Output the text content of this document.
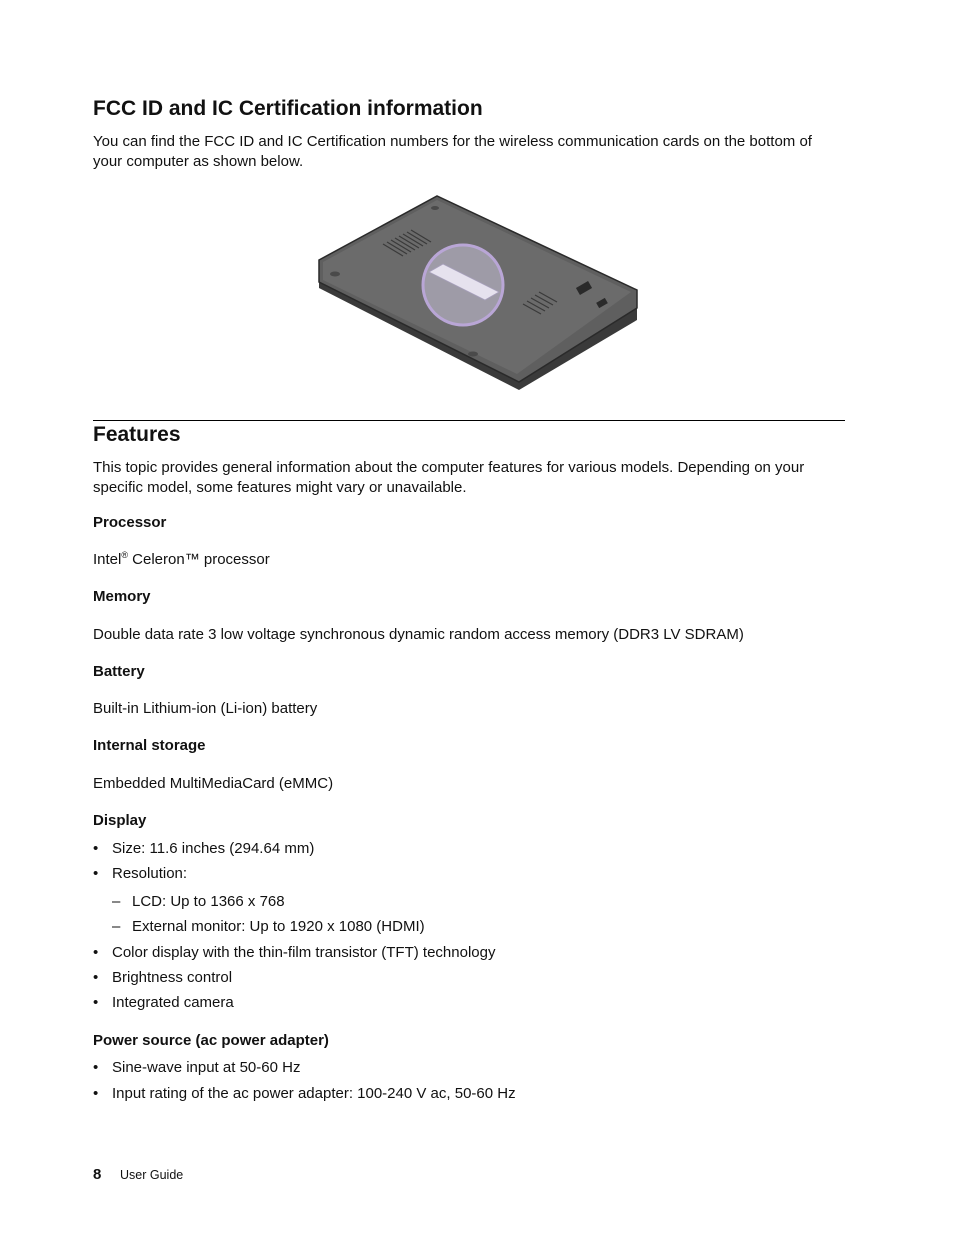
FCC ID and IC Certification information

You can find the FCC ID and IC Certification numbers for the wireless communication cards on the bottom of your computer as shown below.

Features

This topic provides general information about the computer features for various models. Depending on your specific model, some features might vary or unavailable.

Processor

Intel® Celeron™ processor

Memory

Double data rate 3 low voltage synchronous dynamic random access memory (DDR3 LV SDRAM)

Battery

Built-in Lithium-ion (Li-ion) battery

Internal storage

Embedded MultiMediaCard (eMMC)

Display

• Size: 11.6 inches (294.64 mm)
• Resolution:
– LCD: Up to 1366 x 768
– External monitor: Up to 1920 x 1080 (HDMI)
• Color display with the thin-film transistor (TFT) technology
• Brightness control
• Integrated camera

Power source (ac power adapter)

• Sine-wave input at 50-60 Hz
• Input rating of the ac power adapter: 100-240 V ac, 50-60 Hz
8 User Guide
